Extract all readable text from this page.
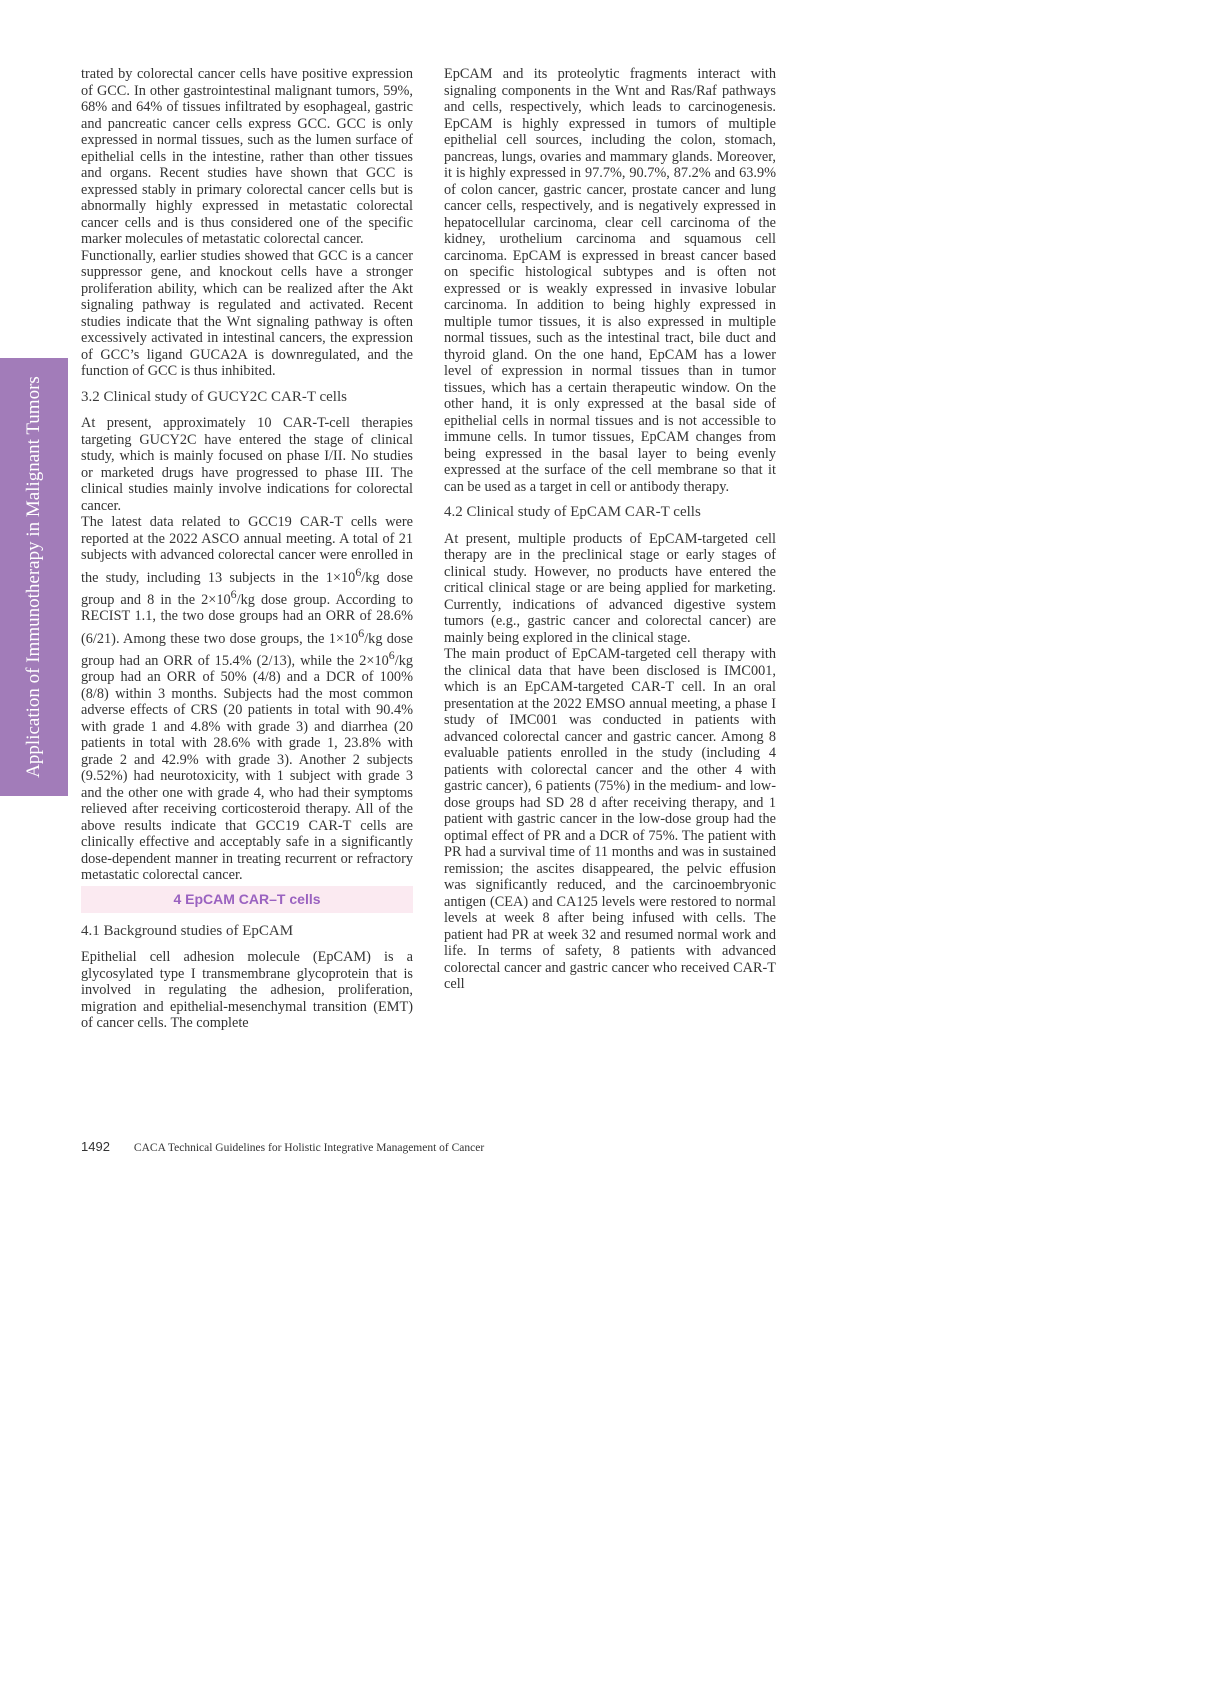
Application of Immunotherapy in Malignant Tumors

trated by colorectal cancer cells have positive expression of GCC. In other gastrointestinal malignant tumors, 59%, 68% and 64% of tissues infiltrated by esophageal, gastric and pancreatic cancer cells express GCC. GCC is only expressed in normal tissues, such as the lumen surface of epithelial cells in the intestine, rather than other tissues and organs. Recent studies have shown that GCC is expressed stably in primary colorectal cancer cells but is abnormally highly expressed in metastatic colorectal cancer cells and is thus considered one of the specific marker molecules of metastatic colorectal cancer.

Functionally, earlier studies showed that GCC is a cancer suppressor gene, and knockout cells have a stronger proliferation ability, which can be realized after the Akt signaling pathway is regulated and activated. Recent studies indicate that the Wnt signaling pathway is often excessively activated in intestinal cancers, the expression of GCC’s ligand GUCA2A is downregulated, and the function of GCC is thus inhibited.

3.2 Clinical study of GUCY2C CAR-T cells

At present, approximately 10 CAR-T-cell therapies targeting GUCY2C have entered the stage of clinical study, which is mainly focused on phase I/II. No studies or marketed drugs have progressed to phase III. The clinical studies mainly involve indications for colorectal cancer.

The latest data related to GCC19 CAR-T cells were reported at the 2022 ASCO annual meeting. A total of 21 subjects with advanced colorectal cancer were enrolled in the study, including 13 subjects in the $1\times 10^6/kg$ dose group and 8 in the $2\times 10^6/kg$ dose group. According to RECIST 1.1, the two dose groups had an ORR of 28.6% (6/21). Among these two dose groups, the $1\times 10^6/kg$ dose group had an ORR of 15.4% (2/13), while the $2\times 10^6/kg$ group had an ORR of 50% (4/8) and a DCR of 100% (8/8) within 3 months. Subjects had the most common adverse effects of CRS (20 patients in total with 90.4% with grade 1 and 4.8% with grade 3) and diarrhea (20 patients in total with 28.6% with grade 1, 23.8% with grade 2 and 42.9% with grade 3). Another 2 subjects (9.52%) had neurotoxicity, with 1 subject with grade 3 and the other one with grade 4, who had their symptoms relieved after receiving corticosteroid therapy. All of the above results indicate that GCC19 CAR-T cells are clinically effective and acceptably safe in a significantly dose-dependent manner in treating recurrent or refractory metastatic colorectal cancer.

4 EpCAM CAR–T cells
4.1 Background studies of EpCAM

Epithelial cell adhesion molecule (EpCAM) is a glycosylated type I transmembrane glycoprotein that is involved in regulating the adhesion, proliferation, migration and epithelial-mesenchymal transition (EMT) of cancer cells. The complete

EpCAM and its proteolytic fragments interact with signaling components in the Wnt and Ras/Raf pathways and cells, respectively, which leads to carcinogenesis. EpCAM is highly expressed in tumors of multiple epithelial cell sources, including the colon, stomach, pancreas, lungs, ovaries and mammary glands. Moreover, it is highly expressed in 97.7%, 90.7%, 87.2% and 63.9% of colon cancer, gastric cancer, prostate cancer and lung cancer cells, respectively, and is negatively expressed in hepatocellular carcinoma, clear cell carcinoma of the kidney, urothelium carcinoma and squamous cell carcinoma. EpCAM is expressed in breast cancer based on specific histological subtypes and is often not expressed or is weakly expressed in invasive lobular carcinoma. In addition to being highly expressed in multiple tumor tissues, it is also expressed in multiple normal tissues, such as the intestinal tract, bile duct and thyroid gland. On the one hand, EpCAM has a lower level of expression in normal tissues than in tumor tissues, which has a certain therapeutic window. On the other hand, it is only expressed at the basal side of epithelial cells in normal tissues and is not accessible to immune cells. In tumor tissues, EpCAM changes from being expressed in the basal layer to being evenly expressed at the surface of the cell membrane so that it can be used as a target in cell or antibody therapy.

4.2 Clinical study of EpCAM CAR-T cells

At present, multiple products of EpCAM-targeted cell therapy are in the preclinical stage or early stages of clinical study. However, no products have entered the critical clinical stage or are being applied for marketing. Currently, indications of advanced digestive system tumors (e.g., gastric cancer and colorectal cancer) are mainly being explored in the clinical stage.

The main product of EpCAM-targeted cell therapy with the clinical data that have been disclosed is IMC001, which is an EpCAM-targeted CAR-T cell. In an oral presentation at the 2022 EMSO annual meeting, a phase I study of IMC001 was conducted in patients with advanced colorectal cancer and gastric cancer. Among 8 evaluable patients enrolled in the study (including 4 patients with colorectal cancer and the other 4 with gastric cancer), 6 patients (75%) in the medium- and low-dose groups had SD 28 d after receiving therapy, and 1 patient with gastric cancer in the low-dose group had the optimal effect of PR and a DCR of 75%. The patient with PR had a survival time of 11 months and was in sustained remission; the ascites disappeared, the pelvic effusion was significantly reduced, and the carcinoembryonic antigen (CEA) and CA125 levels were restored to normal levels at week 8 after being infused with cells. The patient had PR at week 32 and resumed normal work and life. In terms of safety, 8 patients with advanced colorectal cancer and gastric cancer who received CAR-T cell

1492 CACA Technical Guidelines for Holistic Integrative Management of Cancer
